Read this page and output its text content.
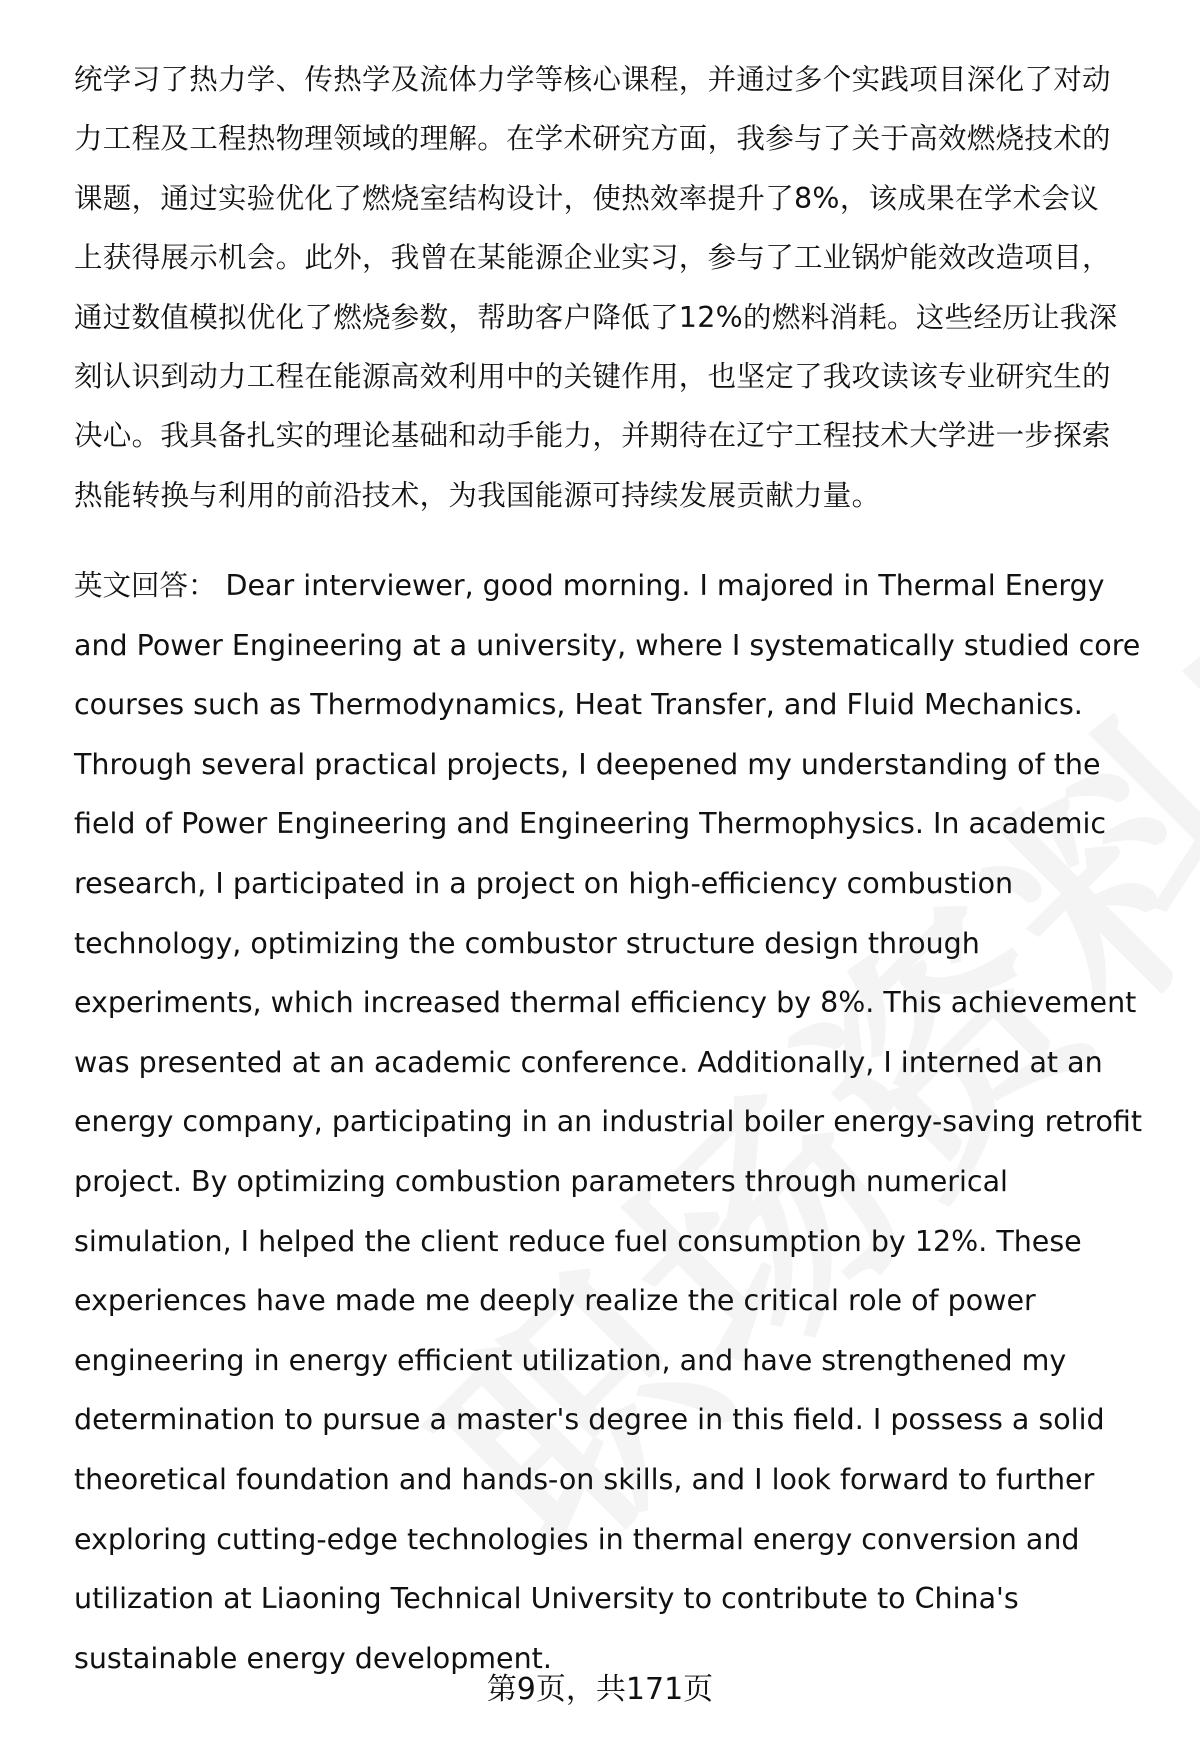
统学习了热力学、传热学及流体力学等核心课程，并通过多个实践项目深化了对动
力工程及工程热物理领域的理解。在学术研究方面，我参与了关于高效燃烧技术的
课题，通过实验优化了燃烧室结构设计，使热效率提升了8%，该成果在学术会议
上获得展示机会。此外，我曾在某能源企业实习，参与了工业锅炉能效改造项目，
通过数值模拟优化了燃烧参数，帮助客户降低了12%的燃料消耗。这些经历让我深
刻认识到动力工程在能源高效利用中的关键作用，也坚定了我攻读该专业研究生的
决心。我具备扎实的理论基础和动手能力，并期待在辽宁工程技术大学进一步探索
热能转换与利用的前沿技术，为我国能源可持续发展贡献力量。
英文回答： Dear interviewer, good morning. I majored in Thermal Energy
and Power Engineering at a university, where I systematically studied core
courses such as Thermodynamics, Heat Transfer, and Fluid Mechanics.
Through several practical projects, I deepened my understanding of the
field of Power Engineering and Engineering Thermophysics. In academic
research, I participated in a project on high-efficiency combustion
technology, optimizing the combustor structure design through
experiments, which increased thermal efficiency by 8%. This achievement
was presented at an academic conference. Additionally, I interned at an
energy company, participating in an industrial boiler energy-saving retrofit
project. By optimizing combustion parameters through numerical
simulation, I helped the client reduce fuel consumption by 12%. These
experiences have made me deeply realize the critical role of power
engineering in energy efficient utilization, and have strengthened my
determination to pursue a master's degree in this field. I possess a solid
theoretical foundation and hands-on skills, and I look forward to further
exploring cutting-edge technologies in thermal energy conversion and
utilization at Liaoning Technical University to contribute to China's
sustainable energy development.
第9页，共171页
